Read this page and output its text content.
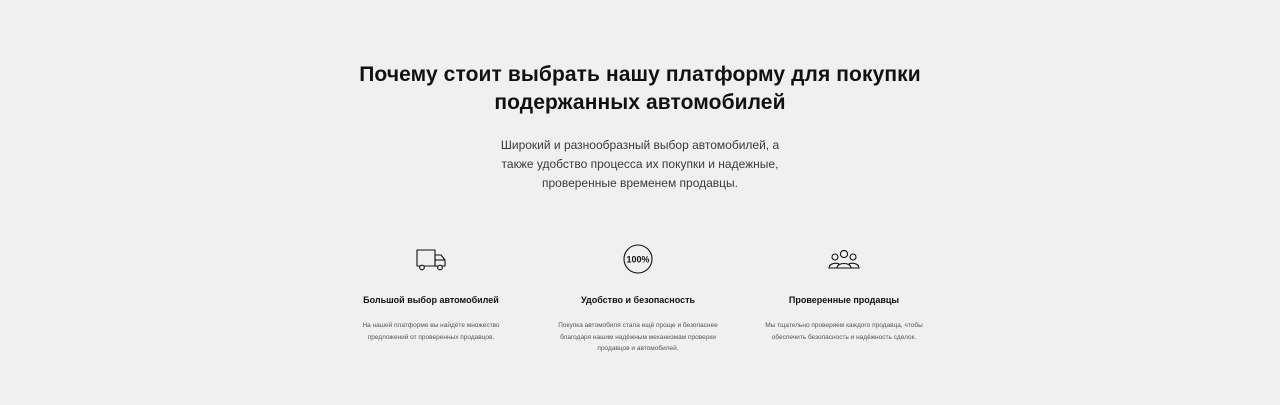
Почему стоит выбрать нашу платформу для покупки
подержанных автомобилей
Широкий и разнообразный выбор автомобилей, а
также удобство процесса их покупки и надежные,
проверенные временем продавцы.
Большой выбор автомобилей
На нашей платформе вы найдёте множество
предложений от проверенных продавцов.
100%
Удобство и безопасность
Покупка автомобиля стала ещё проще и безопаснее
благодаря нашим надёжным механизмам проверки
продавцов и автомобилей.
Проверенные продавцы
Мы тщательно проверяем каждого продавца, чтобы
обеспечить безопасность и надёжность сделок.
